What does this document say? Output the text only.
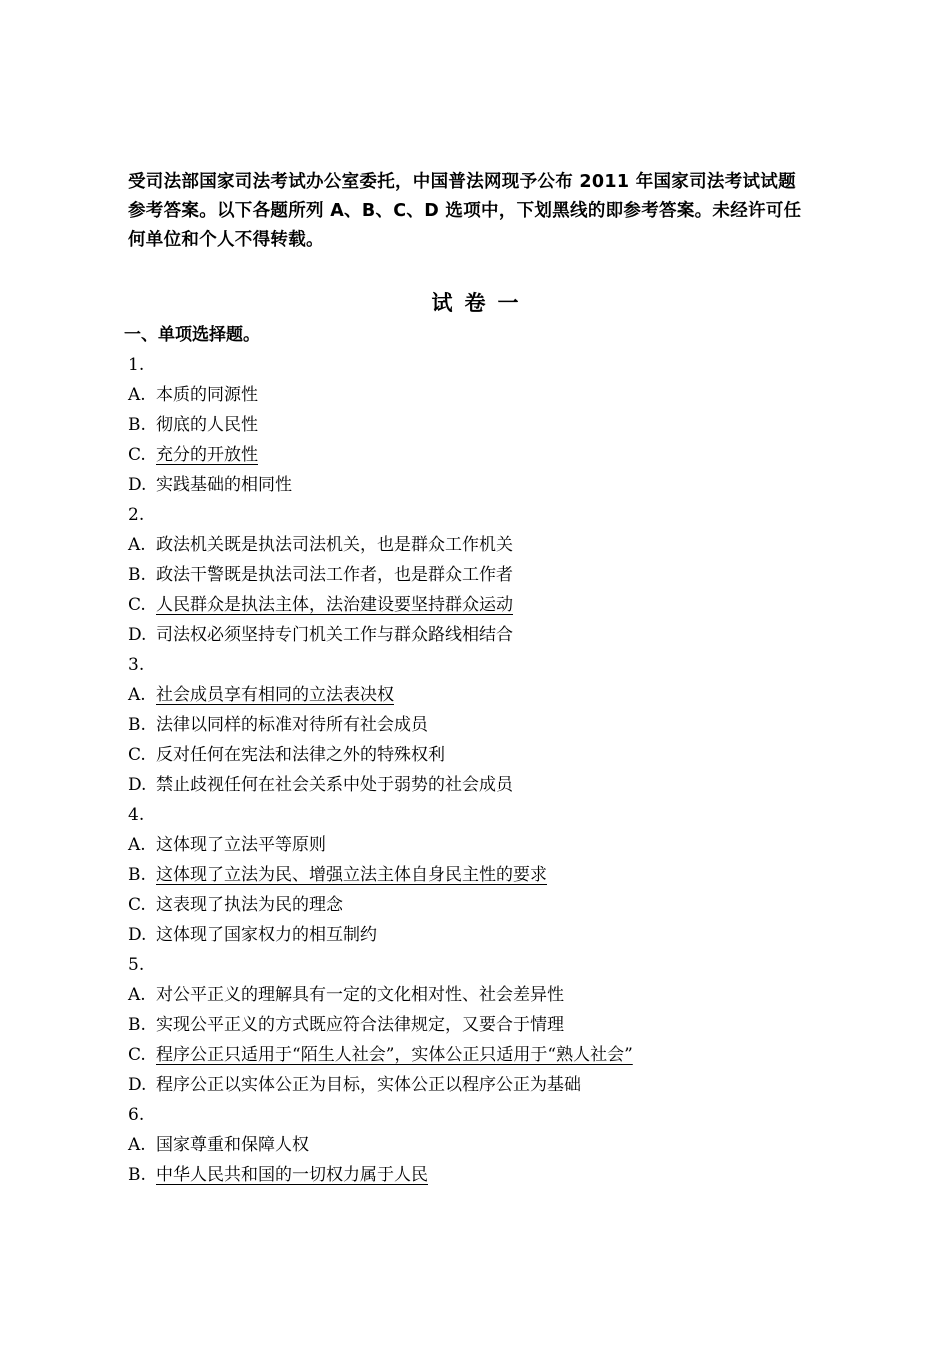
受司法部国家司法考试办公室委托，中国普法网现予公布 2011 年国家司法考试试题
参考答案。以下各题所列 A、B、C、D 选项中，下划黑线的即参考答案。未经许可任
何单位和个人不得转载。
试卷一
一、单项选择题。
1.
A. 本质的同源性
B. 彻底的人民性
C. 充分的开放性
D. 实践基础的相同性
2.
A. 政法机关既是执法司法机关，也是群众工作机关
B. 政法干警既是执法司法工作者，也是群众工作者
C. 人民群众是执法主体，法治建设要坚持群众运动
D. 司法权必须坚持专门机关工作与群众路线相结合
3.
A. 社会成员享有相同的立法表决权
B. 法律以同样的标准对待所有社会成员
C. 反对任何在宪法和法律之外的特殊权利
D. 禁止歧视任何在社会关系中处于弱势的社会成员
4.
A. 这体现了立法平等原则
B. 这体现了立法为民、增强立法主体自身民主性的要求
C. 这表现了执法为民的理念
D. 这体现了国家权力的相互制约
5.
A. 对公平正义的理解具有一定的文化相对性、社会差异性
B. 实现公平正义的方式既应符合法律规定，又要合于情理
C. 程序公正只适用于“陌生人社会”，实体公正只适用于“熟人社会”
D. 程序公正以实体公正为目标，实体公正以程序公正为基础
6.
A. 国家尊重和保障人权
B. 中华人民共和国的一切权力属于人民
